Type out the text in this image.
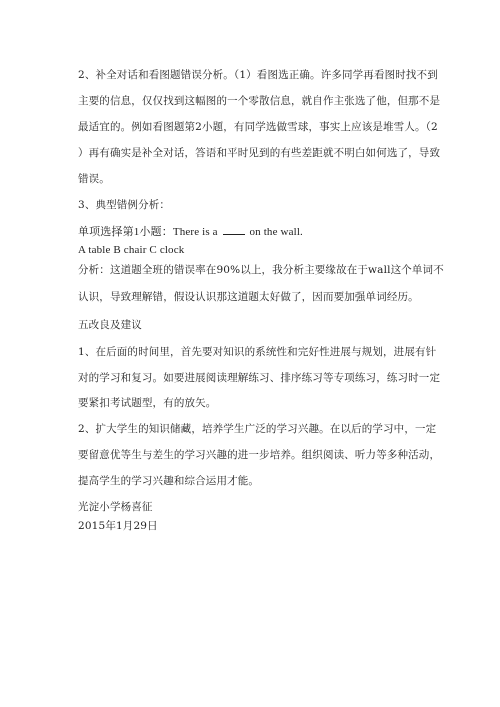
2、补全对话和看图题错误分析。（1）看图选正确。许多同学再看图时找不到
主要的信息，仅仅找到这幅图的一个零散信息，就自作主张选了他，但那不是
最适宜的。例如看图题第2小题，有同学选做雪球，事实上应该是堆雪人。（2
）再有确实是补全对话，答语和平时见到的有些差距就不明白如何选了，导致
错误。
3、典型错例分析：
单项选择第1小题：There is a	on the wall.
A table B chair C clock
分析：这道题全班的错误率在90%以上，我分析主要缘故在于wall这个单词不
认识，导致理解错，假设认识那这道题太好做了，因而要加强单词经历。
五改良及建议
1、在后面的时间里，首先要对知识的系统性和完好性进展与规划，进展有针
对的学习和复习。如要进展阅读理解练习、排序练习等专项练习，练习时一定
要紧扣考试题型，有的放矢。
2、扩大学生的知识储藏，培养学生广泛的学习兴趣。在以后的学习中，一定
要留意优等生与差生的学习兴趣的进一步培养。组织阅读、听力等多种活动，
提高学生的学习兴趣和综合运用才能。
光淀小学杨喜征
2015年1月29日
